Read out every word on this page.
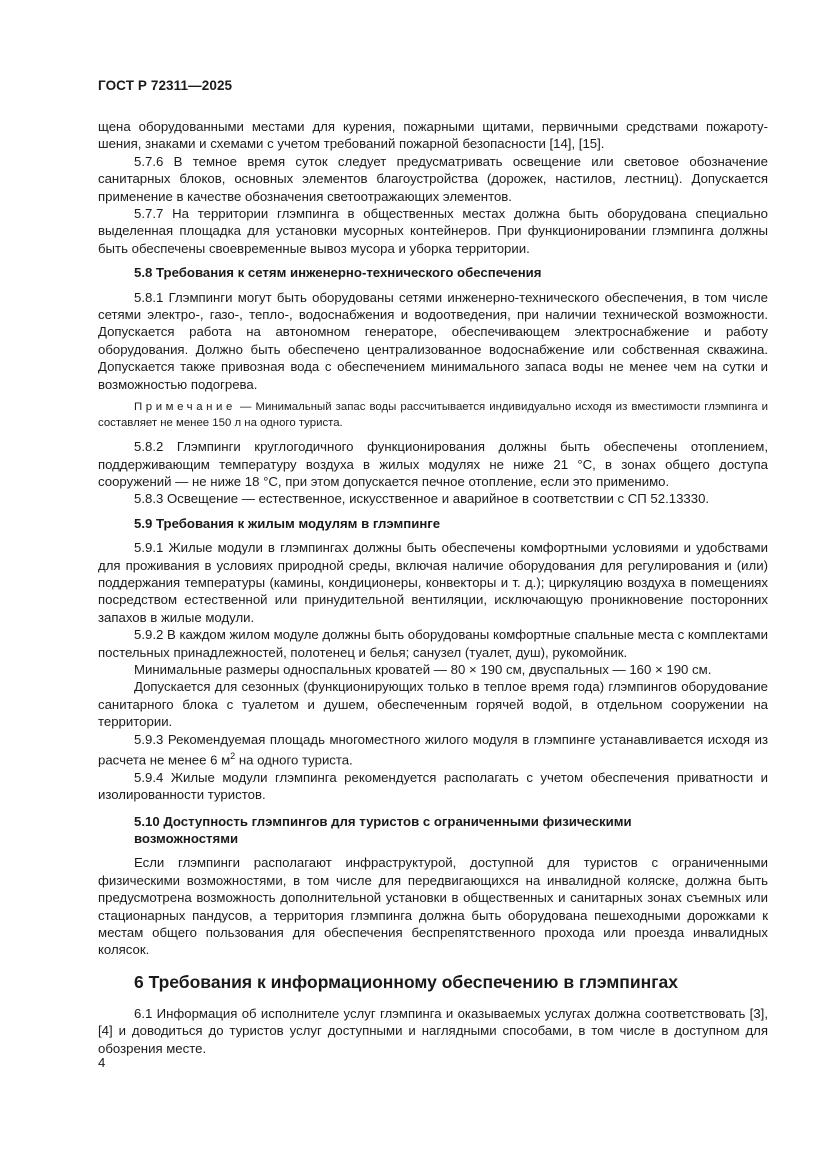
ГОСТ Р 72311—2025

щена оборудованными местами для курения, пожарными щитами, первичными средствами пожароту-шения, знаками и схемами с учетом требований пожарной безопасности [14], [15].

5.7.6 В темное время суток следует предусматривать освещение или световое обозначение санитарных блоков, основных элементов благоустройства (дорожек, настилов, лестниц). Допускается применение в качестве обозначения светоотражающих элементов.

5.7.7 На территории глэмпинга в общественных местах должна быть оборудована специально выделенная площадка для установки мусорных контейнеров. При функционировании глэмпинга должны быть обеспечены своевременные вывоз мусора и уборка территории.

5.8 Требования к сетям инженерно-технического обеспечения

5.8.1 Глэмпинги могут быть оборудованы сетями инженерно-технического обеспечения, в том числе сетями электро-, газо-, тепло-, водоснабжения и водоотведения, при наличии технической возможности. Допускается работа на автономном генераторе, обеспечивающем электроснабжение и работу оборудования. Должно быть обеспечено централизованное водоснабжение или собственная скважина. Допускается также привозная вода с обеспечением минимального запаса воды не менее чем на сутки и возможностью подогрева.

Примечание — Минимальный запас воды рассчитывается индивидуально исходя из вместимости глэмпинга и составляет не менее 150 л на одного туриста.

5.8.2 Глэмпинги круглогодичного функционирования должны быть обеспечены отоплением, поддерживающим температуру воздуха в жилых модулях не ниже 21 °С, в зонах общего доступа сооружений — не ниже 18 °С, при этом допускается печное отопление, если это применимо.

5.8.3 Освещение — естественное, искусственное и аварийное в соответствии с СП 52.13330.

5.9 Требования к жилым модулям в глэмпинге

5.9.1 Жилые модули в глэмпингах должны быть обеспечены комфортными условиями и удобствами для проживания в условиях природной среды, включая наличие оборудования для регулирования и (или) поддержания температуры (камины, кондиционеры, конвекторы и т. д.); циркуляцию воздуха в помещениях посредством естественной или принудительной вентиляции, исключающую проникновение посторонних запахов в жилые модули.

5.9.2 В каждом жилом модуле должны быть оборудованы комфортные спальные места с комплектами постельных принадлежностей, полотенец и белья; санузел (туалет, душ), рукомойник.

Минимальные размеры односпальных кроватей — 80 × 190 см, двуспальных — 160 × 190 см.

Допускается для сезонных (функционирующих только в теплое время года) глэмпингов оборудование санитарного блока с туалетом и душем, обеспеченным горячей водой, в отдельном сооружении на территории.

5.9.3 Рекомендуемая площадь многоместного жилого модуля в глэмпинге устанавливается исходя из расчета не менее 6 $м^2$ на одного туриста.

5.9.4 Жилые модули глэмпинга рекомендуется располагать с учетом обеспечения приватности и изолированности туристов.

5.10 Доступность глэмпингов для туристов с ограниченными физическими
возможностями

Если глэмпинги располагают инфраструктурой, доступной для туристов с ограниченными физическими возможностями, в том числе для передвигающихся на инвалидной коляске, должна быть предусмотрена возможность дополнительной установки в общественных и санитарных зонах съемных или стационарных пандусов, а территория глэмпинга должна быть оборудована пешеходными дорожками к местам общего пользования для обеспечения беспрепятственного прохода или проезда инвалидных колясок.

6 Требования к информационному обеспечению в глэмпингах

6.1 Информация об исполнителе услуг глэмпинга и оказываемых услугах должна соответствовать [3], [4] и доводиться до туристов услуг доступными и наглядными способами, в том числе в доступном для обозрения месте.

4
